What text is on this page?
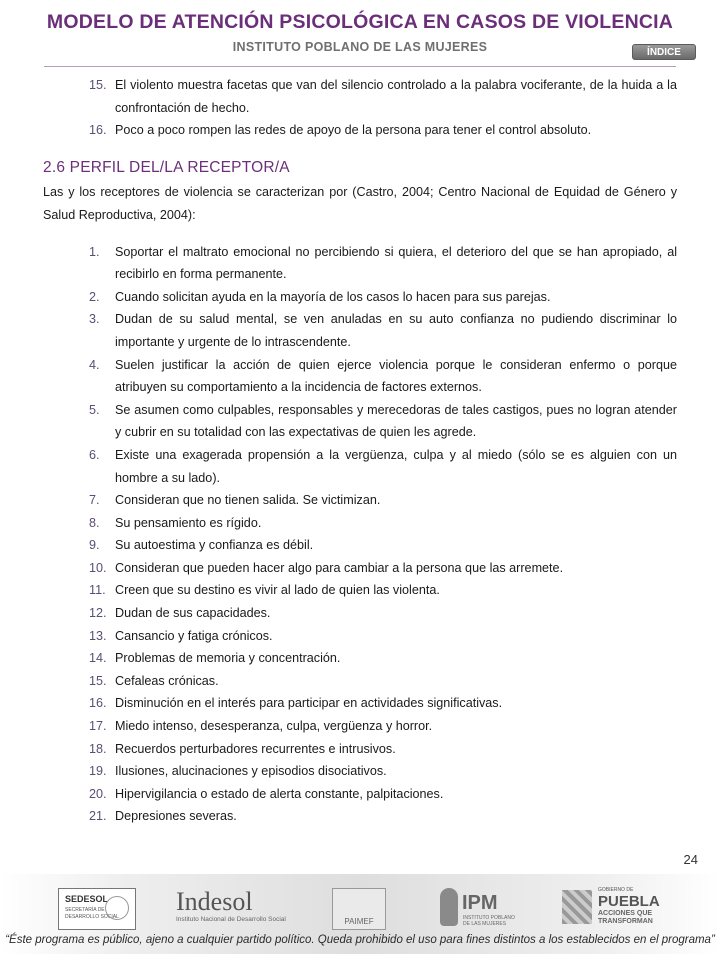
MODELO DE ATENCIÓN PSICOLÓGICA EN CASOS DE VIOLENCIA
INSTITUTO POBLANO DE LAS MUJERES	ÍNDICE
15. El violento muestra facetas que van del silencio controlado a la palabra vociferante, de la huida a la confrontación de hecho.
16. Poco a poco rompen las redes de apoyo de la persona para tener el control absoluto.
2.6 PERFIL DEL/LA RECEPTOR/A

Las y los receptores de violencia se caracterizan por (Castro, 2004; Centro Nacional de Equidad de Género y Salud Reproductiva, 2004):

1. Soportar el maltrato emocional no percibiendo si quiera, el deterioro del que se han apropiado, al recibirlo en forma permanente.
2. Cuando solicitan ayuda en la mayoría de los casos lo hacen para sus parejas.
3. Dudan de su salud mental, se ven anuladas en su auto confianza no pudiendo discriminar lo importante y urgente de lo intrascendente.
4. Suelen justificar la acción de quien ejerce violencia porque le consideran enfermo o porque atribuyen su comportamiento a la incidencia de factores externos.
5. Se asumen como culpables, responsables y merecedoras de tales castigos, pues no logran atender y cubrir en su totalidad con las expectativas de quien les agrede.
6. Existe una exagerada propensión a la vergüenza, culpa y al miedo (sólo se es alguien con un hombre a su lado).
7. Consideran que no tienen salida. Se victimizan.
8. Su pensamiento es rígido.
9. Su autoestima y confianza es débil.
10. Consideran que pueden hacer algo para cambiar a la persona que las arremete.
11. Creen que su destino es vivir al lado de quien las violenta.
12. Dudan de sus capacidades.
13. Cansancio y fatiga crónicos.
14. Problemas de memoria y concentración.
15. Cefaleas crónicas.
16. Disminución en el interés para participar en actividades significativas.
17. Miedo intenso, desesperanza, culpa, vergüenza y horror.
18. Recuerdos perturbadores recurrentes e intrusivos.
19. Ilusiones, alucinaciones y episodios disociativos.
20. Hipervigilancia o estado de alerta constante, palpitaciones.
21. Depresiones severas.
24
SEDESOL
SECRETARÍA DE
DESARROLLO SOCIAL
Indesol
Instituto Nacional de Desarrollo Social	PAIMEF
IPM
INSTITUTO POBLANO
DE LAS MUJERES
GOBIERNO DE
PUEBLA
ACCIONES QUE
TRANSFORMAN
“Éste programa es público, ajeno a cualquier partido político. Queda prohibido el uso para fines distintos a los establecidos en el programa”
